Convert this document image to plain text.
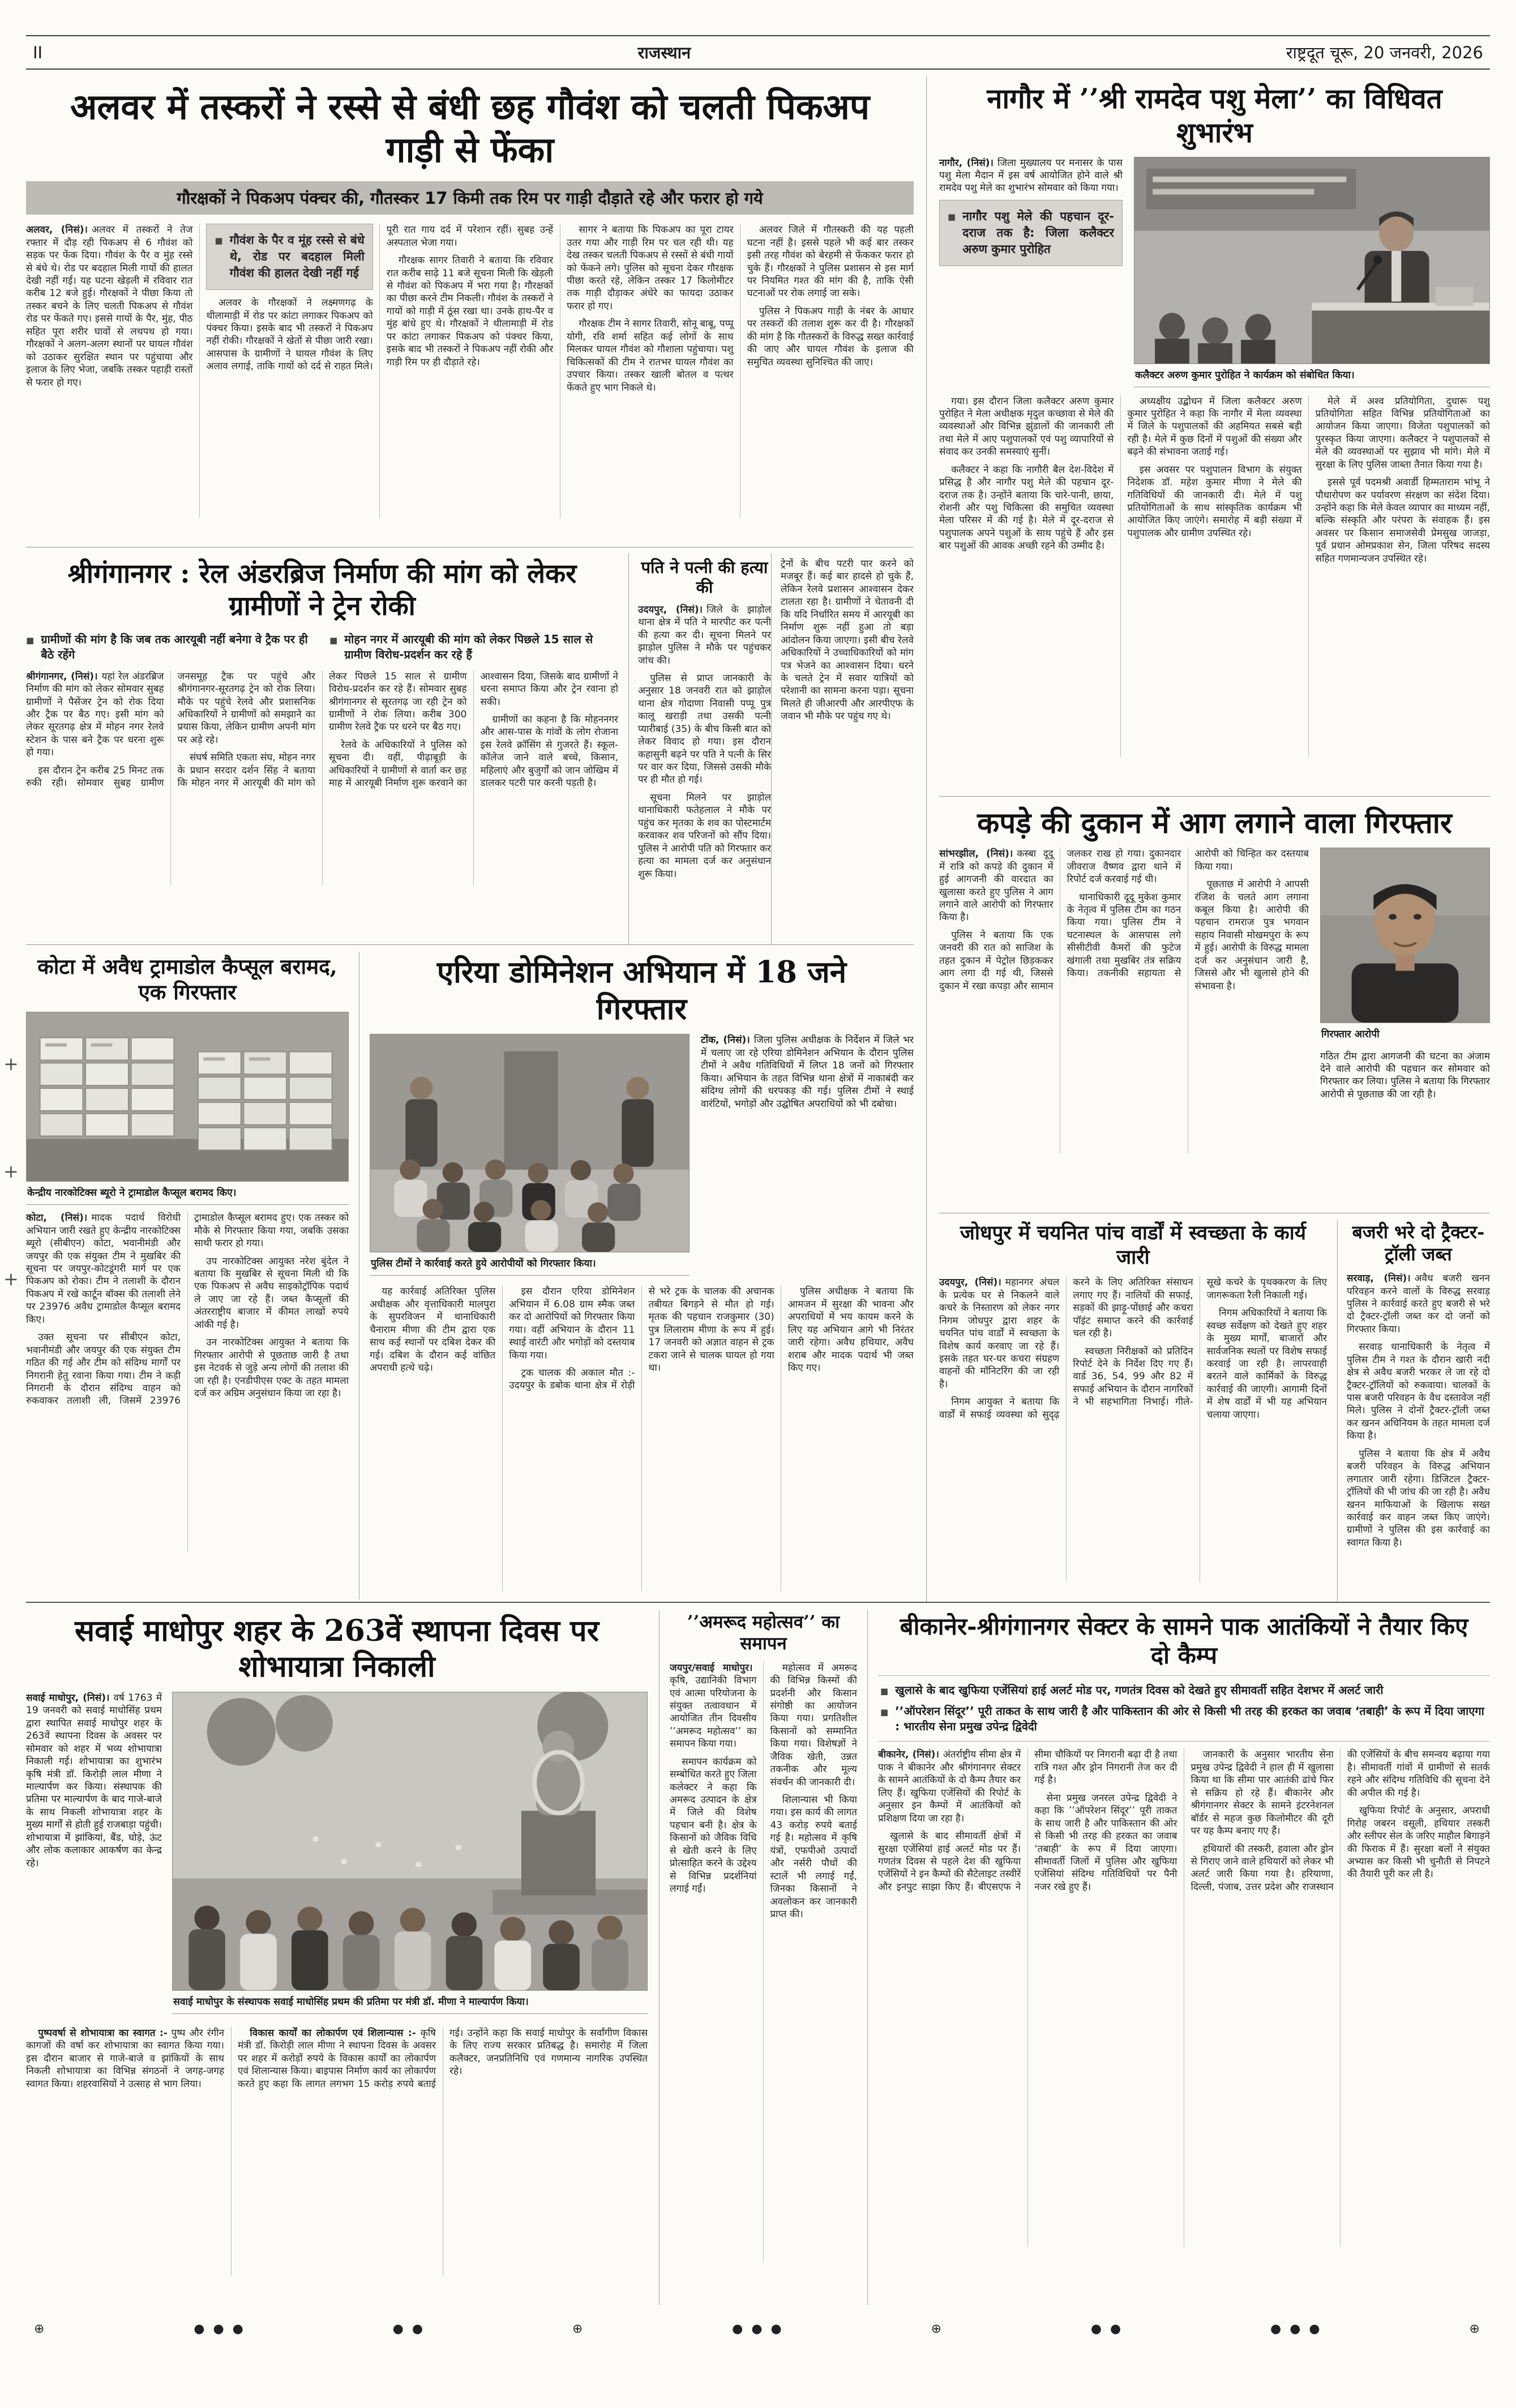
+
+
+
II	राजस्थान	राष्ट्रदूत चूरू, 20 जनवरी, 2026
अलवर में तस्करों ने रस्से से बंधी छह गौवंश को चलती पिकअप गाड़ी से फेंका
गौरक्षकों ने पिकअप पंक्चर की, गौतस्कर 17 किमी तक रिम पर गाड़ी दौड़ाते रहे और फरार हो गये

अलवर, (निसं)। अलवर में तस्करों ने तेज रफ्तार में दौड़ रही पिकअप से 6 गौवंश को सड़क पर फेंक दिया। गौवंश के पैर व मुंह रस्से से बंधे थे। रोड पर बदहाल मिली गायों की हालत देखी नहीं गई। यह घटना खेड़ली में रविवार रात करीब 12 बजे हुई। गौरक्षकों ने पीछा किया तो तस्कर बचने के लिए चलती पिकअप से गौवंश रोड पर फेंकते गए। इससे गायों के पैर, मुंह, पीठ सहित पूरा शरीर घावों से लथपथ हो गया। गौरक्षकों ने अलग-अलग स्थानों पर घायल गौवंश को उठाकर सुरक्षित स्थान पर पहुंचाया और इलाज के लिए भेजा, जबकि तस्कर पहाड़ी रास्तों से फरार हो गए।

■ गौवंश के पैर व मूंह रस्से से बंधे थे, रोड पर बदहाल मिली गौवंश की हालत देखी नहीं गई

अलवर के गौरक्षकों ने लक्ष्मणगढ़ के थीलामाड़ी में रोड पर कांटा लगाकर पिकअप को पंक्चर किया। इसके बाद भी तस्करों ने पिकअप नहीं रोकी। गौरक्षकों ने खेतों से पीछा जारी रखा। आसपास के ग्रामीणों ने घायल गौवंश के लिए अलाव लगाई, ताकि गायों को दर्द से राहत मिले। पूरी रात गाय दर्द में परेशान रहीं। सुबह उन्हें अस्पताल भेजा गया।

गौरक्षक सागर तिवारी ने बताया कि रविवार रात करीब साढ़े 11 बजे सूचना मिली कि खेड़ली से गौवंश को पिकअप में भरा गया है। गौरक्षकों का पीछा करने टीम निकली। गौवंश के तस्करों ने गायों को गाड़ी में ठूंस रखा था। उनके हाथ-पैर व मुंह बांधे हुए थे। गौरक्षकों ने थीलामाड़ी में रोड पर कांटा लगाकर पिकअप को पंक्चर किया, इसके बाद भी तस्करों ने पिकअप नहीं रोकी और गाड़ी रिम पर ही दौड़ाते रहे।

सागर ने बताया कि पिकअप का पूरा टायर उतर गया और गाड़ी रिम पर चल रही थी। यह देख तस्कर चलती पिकअप से रस्सों से बंधी गायों को फेंकने लगे। पुलिस को सूचना देकर गौरक्षक पीछा करते रहे, लेकिन तस्कर 17 किलोमीटर तक गाड़ी दौड़ाकर अंधेरे का फायदा उठाकर फरार हो गए।

गौरक्षक टीम ने सागर तिवारी, सोनू बाबू, पप्पू योगी, रवि शर्मा सहित कई लोगों के साथ मिलकर घायल गौवंश को गौशाला पहुंचाया। पशु चिकित्सकों की टीम ने रातभर घायल गौवंश का उपचार किया। तस्कर खाली बोतल व पत्थर फेंकते हुए भाग निकले थे।

अलवर जिले में गौतस्करी की यह पहली घटना नहीं है। इससे पहले भी कई बार तस्कर इसी तरह गौवंश को बेरहमी से फेंककर फरार हो चुके हैं। गौरक्षकों ने पुलिस प्रशासन से इस मार्ग पर नियमित गश्त की मांग की है, ताकि ऐसी घटनाओं पर रोक लगाई जा सके।

पुलिस ने पिकअप गाड़ी के नंबर के आधार पर तस्करों की तलाश शुरू कर दी है। गौरक्षकों की मांग है कि गौतस्करों के विरुद्ध सख्त कार्रवाई की जाए और घायल गौवंश के इलाज की समुचित व्यवस्था सुनिश्चित की जाए।

श्रीगंगानगर : रेल अंडरब्रिज निर्माण की मांग को लेकर ग्रामीणों ने ट्रेन रोकी
■ ग्रामीणों की मांग है कि जब तक आरयूबी नहीं बनेगा वे ट्रैक पर ही बैठे रहेंगे
■ मोहन नगर में आरयूबी की मांग को लेकर पिछले 15 साल से ग्रामीण विरोध-प्रदर्शन कर रहे हैं

श्रीगंगानगर, (निसं)। यहां रेल अंडरब्रिज निर्माण की मांग को लेकर सोमवार सुबह ग्रामीणों ने पैसेंजर ट्रेन को रोक दिया और ट्रैक पर बैठ गए। इसी मांग को लेकर सूरतगढ़ क्षेत्र में मोहन नगर रेलवे स्टेशन के पास बने ट्रैक पर धरना शुरू हो गया।

इस दौरान ट्रेन करीब 25 मिनट तक रुकी रही। सोमवार सुबह ग्रामीण जनसमूह ट्रैक पर पहुंचे और श्रीगंगानगर-सूरतगढ़ ट्रेन को रोक लिया। मौके पर पहुंचे रेलवे और प्रशासनिक अधिकारियों ने ग्रामीणों को समझाने का प्रयास किया, लेकिन ग्रामीण अपनी मांग पर अड़े रहे।

संघर्ष समिति एकता संघ, मोहन नगर के प्रधान सरदार दर्शन सिंह ने बताया कि मोहन नगर में आरयूबी की मांग को लेकर पिछले 15 साल से ग्रामीण विरोध-प्रदर्शन कर रहे हैं। सोमवार सुबह श्रीगंगानगर से सूरतगढ़ जा रही ट्रेन को ग्रामीणों ने रोक लिया। करीब 300 ग्रामीण रेलवे ट्रैक पर धरने पर बैठ गए।

रेलवे के अधिकारियों ने पुलिस को सूचना दी। वहीं, पीढ़ाबूड़ी के अधिकारियों ने ग्रामीणों से वार्ता कर छह माह में आरयूबी निर्माण शुरू करवाने का आश्वासन दिया, जिसके बाद ग्रामीणों ने धरना समाप्त किया और ट्रेन रवाना हो सकी।

ग्रामीणों का कहना है कि मोहननगर और आस-पास के गांवों के लोग रोजाना इस रेलवे क्रॉसिंग से गुजरते हैं। स्कूल-कॉलेज जाने वाले बच्चे, किसान, महिलाएं और बुजुर्गों को जान जोखिम में डालकर पटरी पार करनी पड़ती है।

पति ने पत्नी की हत्या की

उदयपुर, (निसं)। जिले के झाड़ोल थाना क्षेत्र में पति ने मारपीट कर पत्नी की हत्या कर दी। सूचना मिलने पर झाड़ोल पुलिस ने मौके पर पहुंचकर जांच की।

पुलिस से प्राप्त जानकारी के अनुसार 18 जनवरी रात को झाड़ोल थाना क्षेत्र गोदाणा निवासी पप्पू पुत्र कालू खराड़ी तथा उसकी पत्नी प्यारीबाई (35) के बीच किसी बात को लेकर विवाद हो गया। इस दौरान कहासुनी बढ़ने पर पति ने पत्नी के सिर पर वार कर दिया, जिससे उसकी मौके पर ही मौत हो गई।

सूचना मिलने पर झाड़ोल थानाधिकारी फतेहलाल ने मौके पर पहुंच कर मृतका के शव का पोस्टमार्टम करवाकर शव परिजनों को सौंप दिया। पुलिस ने आरोपी पति को गिरफ्तार कर हत्या का मामला दर्ज कर अनुसंधान शुरू किया।

ट्रेनों के बीच पटरी पार करने को मजबूर हैं। कई बार हादसे हो चुके हैं, लेकिन रेलवे प्रशासन आश्वासन देकर टालता रहा है। ग्रामीणों ने चेतावनी दी कि यदि निर्धारित समय में आरयूबी का निर्माण शुरू नहीं हुआ तो बड़ा आंदोलन किया जाएगा। इसी बीच रेलवे अधिकारियों ने उच्चाधिकारियों को मांग पत्र भेजने का आश्वासन दिया। धरने के चलते ट्रेन में सवार यात्रियों को परेशानी का सामना करना पड़ा। सूचना मिलते ही जीआरपी और आरपीएफ के जवान भी मौके पर पहुंच गए थे।

कोटा में अवैध ट्रामाडोल कैप्सूल बरामद, एक गिरफ्तार
केन्द्रीय नारकोटिक्स ब्यूरो ने ट्रामाडोल कैप्सूल बरामद किए।

कोटा, (निसं)। मादक पदार्थ विरोधी अभियान जारी रखते हुए केन्द्रीय नारकोटिक्स ब्यूरो (सीबीएन) कोटा, भवानीमंडी और जयपुर की एक संयुक्त टीम ने मुखबिर की सूचना पर जयपुर-कोटडूंगरी मार्ग पर एक पिकअप को रोका। टीम ने तलाशी के दौरान पिकअप में रखे कार्टून बॉक्स की तलाशी लेने पर 23976 अवैध ट्रामाडोल कैप्सूल बरामद किए।

उक्त सूचना पर सीबीएन कोटा, भवानीमंडी और जयपुर की एक संयुक्त टीम गठित की गई और टीम को संदिग्ध मार्गों पर निगरानी हेतु रवाना किया गया। टीम ने कड़ी निगरानी के दौरान संदिग्ध वाहन को रुकवाकर तलाशी ली, जिसमें 23976 ट्रामाडोल कैप्सूल बरामद हुए। एक तस्कर को मौके से गिरफ्तार किया गया, जबकि उसका साथी फरार हो गया।

उप नारकोटिक्स आयुक्त नरेश बुंदेल ने बताया कि मुखबिर से सूचना मिली थी कि एक पिकअप से अवैध साइकोट्रॉपिक पदार्थ ले जाए जा रहे हैं। जब्त कैप्सूलों की अंतरराष्ट्रीय बाजार में कीमत लाखों रुपये आंकी गई है।

उन नारकोटिक्स आयुक्त ने बताया कि गिरफ्तार आरोपी से पूछताछ जारी है तथा इस नेटवर्क से जुड़े अन्य लोगों की तलाश की जा रही है। एनडीपीएस एक्ट के तहत मामला दर्ज कर अग्रिम अनुसंधान किया जा रहा है।

एरिया डोमिनेशन अभियान में 18 जने गिरफ्तार
पुलिस टीमों ने कार्रवाई करते हुये आरोपीयों को गिरफ्तार किया।

टोंक, (निसं)। जिला पुलिस अधीक्षक के निर्देशन में जिले भर में चलाए जा रहे एरिया डोमिनेशन अभियान के दौरान पुलिस टीमों ने अवैध गतिविधियों में लिप्त 18 जनों को गिरफ्तार किया। अभियान के तहत विभिन्न थाना क्षेत्रों में नाकाबंदी कर संदिग्ध लोगों की धरपकड़ की गई। पुलिस टीमों ने स्थाई वारंटियों, भगोड़ों और उद्घोषित अपराधियों को भी दबोचा।

यह कार्रवाई अतिरिक्त पुलिस अधीक्षक और वृत्ताधिकारी मालपुरा के सुपरविजन में थानाधिकारी चैनाराम मीणा की टीम द्वारा एक साथ कई स्थानों पर दबिश देकर की गई। दबिश के दौरान कई वांछित अपराधी हत्थे चढ़े।

इस दौरान एरिया डोमिनेशन अभियान में 6.08 ग्राम स्मैक जब्त कर दो आरोपियों को गिरफ्तार किया गया। वहीं अभियान के दौरान 11 स्थाई वारंटी और भगोड़ों को दस्तयाब किया गया।

ट्रक चालक की अकाल मौत :- उदयपुर के डबोक थाना क्षेत्र में रोड़ी से भरे ट्रक के चालक की अचानक तबीयत बिगड़ने से मौत हो गई। मृतक की पहचान राजकुमार (30) पुत्र लिलाराम मीणा के रूप में हुई। 17 जनवरी को अज्ञात वाहन से ट्रक टकरा जाने से चालक घायल हो गया था।

पुलिस अधीक्षक ने बताया कि आमजन में सुरक्षा की भावना और अपराधियों में भय कायम करने के लिए यह अभियान आगे भी निरंतर जारी रहेगा। अवैध हथियार, अवैध शराब और मादक पदार्थ भी जब्त किए गए।

नागौर में ’’श्री रामदेव पशु मेला’’ का विधिवत शुभारंभ

नागौर, (निसं)। जिला मुख्यालय पर मनासर के पास पशु मेला मैदान में इस वर्ष आयोजित होने वाले श्री रामदेव पशु मेले का शुभारंभ सोमवार को किया गया।

■ नागौर पशु मेले की पहचान दूर-दराज तक है: जिला कलैक्टर अरुण कुमार पुरोहित
कलैक्टर अरुण कुमार पुरोहित ने कार्यक्रम को संबोधित किया।

गया। इस दौरान जिला कलैक्टर अरुण कुमार पुरोहित ने मेला अधीक्षक मृदुल कच्छावा से मेले की व्यवस्थाओं और विभिन्न झुंडालों की जानकारी ली तथा मेले में आए पशुपालकों एवं पशु व्यापारियों से संवाद कर उनकी समस्याएं सुनीं।

कलैक्टर ने कहा कि नागौरी बैल देश-विदेश में प्रसिद्ध है और नागौर पशु मेले की पहचान दूर-दराज तक है। उन्होंने बताया कि चारे-पानी, छाया, रोशनी और पशु चिकित्सा की समुचित व्यवस्था मेला परिसर में की गई है। मेले में दूर-दराज से पशुपालक अपने पशुओं के साथ पहुंचे हैं और इस बार पशुओं की आवक अच्छी रहने की उम्मीद है।

अध्यक्षीय उद्बोधन में जिला कलैक्टर अरुण कुमार पुरोहित ने कहा कि नागौर में मेला व्यवस्था में जिले के पशुपालकों की अहमियत सबसे बड़ी रही है। मेले में कुछ दिनों में पशुओं की संख्या और बढ़ने की संभावना जताई गई।

इस अवसर पर पशुपालन विभाग के संयुक्त निदेशक डॉ. महेश कुमार मीणा ने मेले की गतिविधियों की जानकारी दी। मेले में पशु प्रतियोगिताओं के साथ सांस्कृतिक कार्यक्रम भी आयोजित किए जाएंगे। समारोह में बड़ी संख्या में पशुपालक और ग्रामीण उपस्थित रहे।

मेले में अश्व प्रतियोगिता, दुधारू पशु प्रतियोगिता सहित विभिन्न प्रतियोगिताओं का आयोजन किया जाएगा। विजेता पशुपालकों को पुरस्कृत किया जाएगा। कलैक्टर ने पशुपालकों से मेले की व्यवस्थाओं पर सुझाव भी मांगे। मेले में सुरक्षा के लिए पुलिस जाब्ता तैनात किया गया है।

इससे पूर्व पदमश्री अवार्डी हिम्मताराम भांभू ने पौधारोपण कर पर्यावरण संरक्षण का संदेश दिया। उन्होंने कहा कि मेले केवल व्यापार का माध्यम नहीं, बल्कि संस्कृति और परंपरा के संवाहक हैं। इस अवसर पर किसान समाजसेवी प्रेमसुख जाजड़ा, पूर्व प्रधान ओमप्रकाश सेन, जिला परिषद सदस्य सहित गणमान्यजन उपस्थित रहे।

कपड़े की दुकान में आग लगाने वाला गिरफ्तार

सांभरझील, (निसं)। कस्बा दूदू में रात्रि को कपड़े की दुकान में हुई आगजनी की वारदात का खुलासा करते हुए पुलिस ने आग लगाने वाले आरोपी को गिरफ्तार किया है।

पुलिस ने बताया कि एक जनवरी की रात को साजिश के तहत दुकान में पेट्रोल छिड़ककर आग लगा दी गई थी, जिससे दुकान में रखा कपड़ा और सामान जलकर राख हो गया। दुकानदार जीवराज वैष्णव द्वारा थाने में रिपोर्ट दर्ज करवाई गई थी।

थानाधिकारी दूदू मुकेश कुमार के नेतृत्व में पुलिस टीम का गठन किया गया। पुलिस टीम ने घटनास्थल के आसपास लगे सीसीटीवी कैमरों की फुटेज खंगाली तथा मुखबिर तंत्र सक्रिय किया। तकनीकी सहायता से आरोपी को चिन्हित कर दस्तयाब किया गया।

पूछताछ में आरोपी ने आपसी रंजिश के चलते आग लगाना कबूल किया है। आरोपी की पहचान रामराज पुत्र भगवान सहाय निवासी मोखमपुरा के रूप में हुई। आरोपी के विरुद्ध मामला दर्ज कर अनुसंधान जारी है, जिससे और भी खुलासे होने की संभावना है।

गिरफ्तार आरोपी
गठित टीम द्वारा आगजनी की घटना का अंजाम देने वाले आरोपी की पहचान कर सोमवार को गिरफ्तार कर लिया। पुलिस ने बताया कि गिरफ्तार आरोपी से पूछताछ की जा रही है।
जोधपुर में चयनित पांच वार्डों में स्वच्छता के कार्य जारी

उदयपुर, (निसं)। महानगर अंचल के प्रत्येक घर से निकलने वाले कचरे के निस्तारण को लेकर नगर निगम जोधपुर द्वारा शहर के चयनित पांच वार्डों में स्वच्छता के विशेष कार्य करवाए जा रहे हैं। इसके तहत घर-घर कचरा संग्रहण वाहनों की मॉनिटरिंग की जा रही है।

निगम आयुक्त ने बताया कि वार्डों में सफाई व्यवस्था को सुदृढ़ करने के लिए अतिरिक्त संसाधन लगाए गए हैं। नालियों की सफाई, सड़कों की झाड़ू-पोंछाई और कचरा पॉइंट समाप्त करने की कार्रवाई चल रही है।

स्वच्छता निरीक्षकों को प्रतिदिन रिपोर्ट देने के निर्देश दिए गए हैं। वार्ड 36, 54, 99 और 82 में सफाई अभियान के दौरान नागरिकों ने भी सहभागिता निभाई। गीले-सूखे कचरे के पृथक्करण के लिए जागरूकता रैली निकाली गई।

निगम अधिकारियों ने बताया कि स्वच्छ सर्वेक्षण को देखते हुए शहर के मुख्य मार्गों, बाजारों और सार्वजनिक स्थलों पर विशेष सफाई करवाई जा रही है। लापरवाही बरतने वाले कार्मिकों के विरुद्ध कार्रवाई की जाएगी। आगामी दिनों में शेष वार्डों में भी यह अभियान चलाया जाएगा।

बजरी भरे दो ट्रैक्टर-ट्रॉली जब्त

सरवाड़, (निसं)। अवैध बजरी खनन परिवहन करने वालों के विरुद्ध सरवाड़ पुलिस ने कार्रवाई करते हुए बजरी से भरे दो ट्रैक्टर-ट्रॉली जब्त कर दो जनों को गिरफ्तार किया।

सरवाड़ थानाधिकारी के नेतृत्व में पुलिस टीम ने गश्त के दौरान खारी नदी क्षेत्र से अवैध बजरी भरकर ले जा रहे दो ट्रैक्टर-ट्रॉलियों को रुकवाया। चालकों के पास बजरी परिवहन के वैध दस्तावेज नहीं मिले। पुलिस ने दोनों ट्रैक्टर-ट्रॉली जब्त कर खनन अधिनियम के तहत मामला दर्ज किया है।

पुलिस ने बताया कि क्षेत्र में अवैध बजरी परिवहन के विरुद्ध अभियान लगातार जारी रहेगा। डिजिटल ट्रैक्टर-ट्रॉलियों की भी जांच की जा रही है। अवैध खनन माफियाओं के खिलाफ सख्त कार्रवाई कर वाहन जब्त किए जाएंगे। ग्रामीणों ने पुलिस की इस कार्रवाई का स्वागत किया है।

सवाई माधोपुर शहर के 263वें स्थापना दिवस पर शोभायात्रा निकाली

सवाई माधोपुर, (निसं)। वर्ष 1763 में 19 जनवरी को सवाई माधोसिंह प्रथम द्वारा स्थापित सवाई माधोपुर शहर के 263वें स्थापना दिवस के अवसर पर सोमवार को शहर में भव्य शोभायात्रा निकाली गई। शोभायात्रा का शुभारंभ कृषि मंत्री डॉ. किरोड़ी लाल मीणा ने माल्यार्पण कर किया। संस्थापक की प्रतिमा पर माल्यार्पण के बाद गाजे-बाजे के साथ निकली शोभायात्रा शहर के मुख्य मार्गों से होती हुई राजबाड़ा पहुंची। शोभायात्रा में झांकियां, बैंड, घोड़े, ऊंट और लोक कलाकार आकर्षण का केन्द्र रहे।

सवाई माधोपुर के संस्थापक सवाई माधोसिंह प्रथम की प्रतिमा पर मंत्री डॉ. मीणा ने माल्यार्पण किया।

पुष्पवर्षा से शोभायात्रा का स्वागत :- पुष्प और रंगीन कागजों की वर्षा कर शोभायात्रा का स्वागत किया गया। इस दौरान बाजार से गाजे-बाजे व झांकियों के साथ निकली शोभायात्रा का विभिन्न संगठनों ने जगह-जगह स्वागत किया। शहरवासियों ने उत्साह से भाग लिया।

विकास कार्यों का लोकार्पण एवं शिलान्यास :- कृषि मंत्री डॉ. किरोड़ी लाल मीणा ने स्थापना दिवस के अवसर पर शहर में करोड़ों रुपये के विकास कार्यों का लोकार्पण एवं शिलान्यास किया। बाइपास निर्माण कार्य का लोकार्पण करते हुए कहा कि लागत लगभग 15 करोड़ रुपये बताई गई। उन्होंने कहा कि सवाई माधोपुर के सर्वांगीण विकास के लिए राज्य सरकार प्रतिबद्ध है। समारोह में जिला कलैक्टर, जनप्रतिनिधि एवं गणमान्य नागरिक उपस्थित रहे।

’’अमरूद महोत्सव’’ का समापन

जयपुर/सवाई माधोपुर।कृषि, उद्यानिकी विभाग एवं आत्मा परियोजना के संयुक्त तत्वावधान में आयोजित तीन दिवसीय ’’अमरूद महोत्सव’’ का समापन किया गया।

समापन कार्यक्रम को सम्बोधित करते हुए जिला कलेक्टर ने कहा कि अमरूद उत्पादन के क्षेत्र में जिले की विशेष पहचान बनी है। क्षेत्र के किसानों को जैविक विधि से खेती करने के लिए प्रोत्साहित करने के उद्देश्य से विभिन्न प्रदर्शनियां लगाई गईं।

महोत्सव में अमरूद की विभिन्न किस्मों की प्रदर्शनी और किसान संगोष्ठी का आयोजन किया गया। प्रगतिशील किसानों को सम्मानित किया गया। विशेषज्ञों ने जैविक खेती, उन्नत तकनीक और मूल्य संवर्धन की जानकारी दी।

शिलान्यास भी किया गया। इस कार्य की लागत 43 करोड़ रुपये बताई गई है। महोत्सव में कृषि यंत्रों, एफपीओ उत्पादों और नर्सरी पौधों की स्टालें भी लगाई गईं, जिनका किसानों ने अवलोकन कर जानकारी प्राप्त की।

बीकानेर-श्रीगंगानगर सेक्टर के सामने पाक आतंकियों ने तैयार किए दो कैम्प
■ खुलासे के बाद खुफिया एजेंसियां हाई अलर्ट मोड पर, गणतंत्र दिवस को देखते हुए सीमावर्ती सहित देशभर में अलर्ट जारी
■ ’’ऑपरेशन सिंदूर’’ पूरी ताकत के साथ जारी है और पाकिस्तान की ओर से किसी भी तरह की हरकत का जवाब ‘तबाही’ के रूप में दिया जाएगा : भारतीय सेना प्रमुख उपेन्द्र द्विवेदी

बीकानेर, (निसं)। अंतर्राष्ट्रीय सीमा क्षेत्र में पाक ने बीकानेर और श्रीगंगानगर सेक्टर के सामने आतंकियों के दो कैम्प तैयार कर लिए हैं। खुफिया एजेंसियों की रिपोर्ट के अनुसार इन कैम्पों में आतंकियों को प्रशिक्षण दिया जा रहा है।

खुलासे के बाद सीमावर्ती क्षेत्रों में सुरक्षा एजेंसियां हाई अलर्ट मोड पर हैं। गणतंत्र दिवस से पहले देश की खुफिया एजेंसियों ने इन कैम्पों की सैटेलाइट तस्वीरें और इनपुट साझा किए हैं। बीएसएफ ने सीमा चौकियों पर निगरानी बढ़ा दी है तथा रात्रि गश्त और ड्रोन निगरानी तेज कर दी गई है।

सेना प्रमुख जनरल उपेन्द्र द्विवेदी ने कहा कि ’’ऑपरेशन सिंदूर’’ पूरी ताकत के साथ जारी है और पाकिस्तान की ओर से किसी भी तरह की हरकत का जवाब ‘तबाही’ के रूप में दिया जाएगा। सीमावर्ती जिलों में पुलिस और खुफिया एजेंसियां संदिग्ध गतिविधियों पर पैनी नजर रखे हुए हैं।

जानकारी के अनुसार भारतीय सेना प्रमुख उपेन्द्र द्विवेदी ने हाल ही में खुलासा किया था कि सीमा पार आतंकी ढांचे फिर से सक्रिय हो रहे हैं। बीकानेर और श्रीगंगानगर सेक्टर के सामने इंटरनेशनल बॉर्डर से महज कुछ किलोमीटर की दूरी पर यह कैम्प बनाए गए हैं।

हथियारों की तस्करी, हवाला और ड्रोन से गिराए जाने वाले हथियारों को लेकर भी अलर्ट जारी किया गया है। हरियाणा, दिल्ली, पंजाब, उत्तर प्रदेश और राजस्थान की एजेंसियों के बीच समन्वय बढ़ाया गया है। सीमावर्ती गांवों में ग्रामीणों से सतर्क रहने और संदिग्ध गतिविधि की सूचना देने की अपील की गई है।

खुफिया रिपोर्ट के अनुसार, अपराधी गिरोह जबरन वसूली, हथियार तस्करी और स्लीपर सेल के जरिए माहौल बिगाड़ने की फिराक में हैं। सुरक्षा बलों ने संयुक्त अभ्यास कर किसी भी चुनौती से निपटने की तैयारी पूरी कर ली है।

⊕	● ● ●	● ●	⊕	● ● ●	⊕	● ●	● ● ●	⊕
